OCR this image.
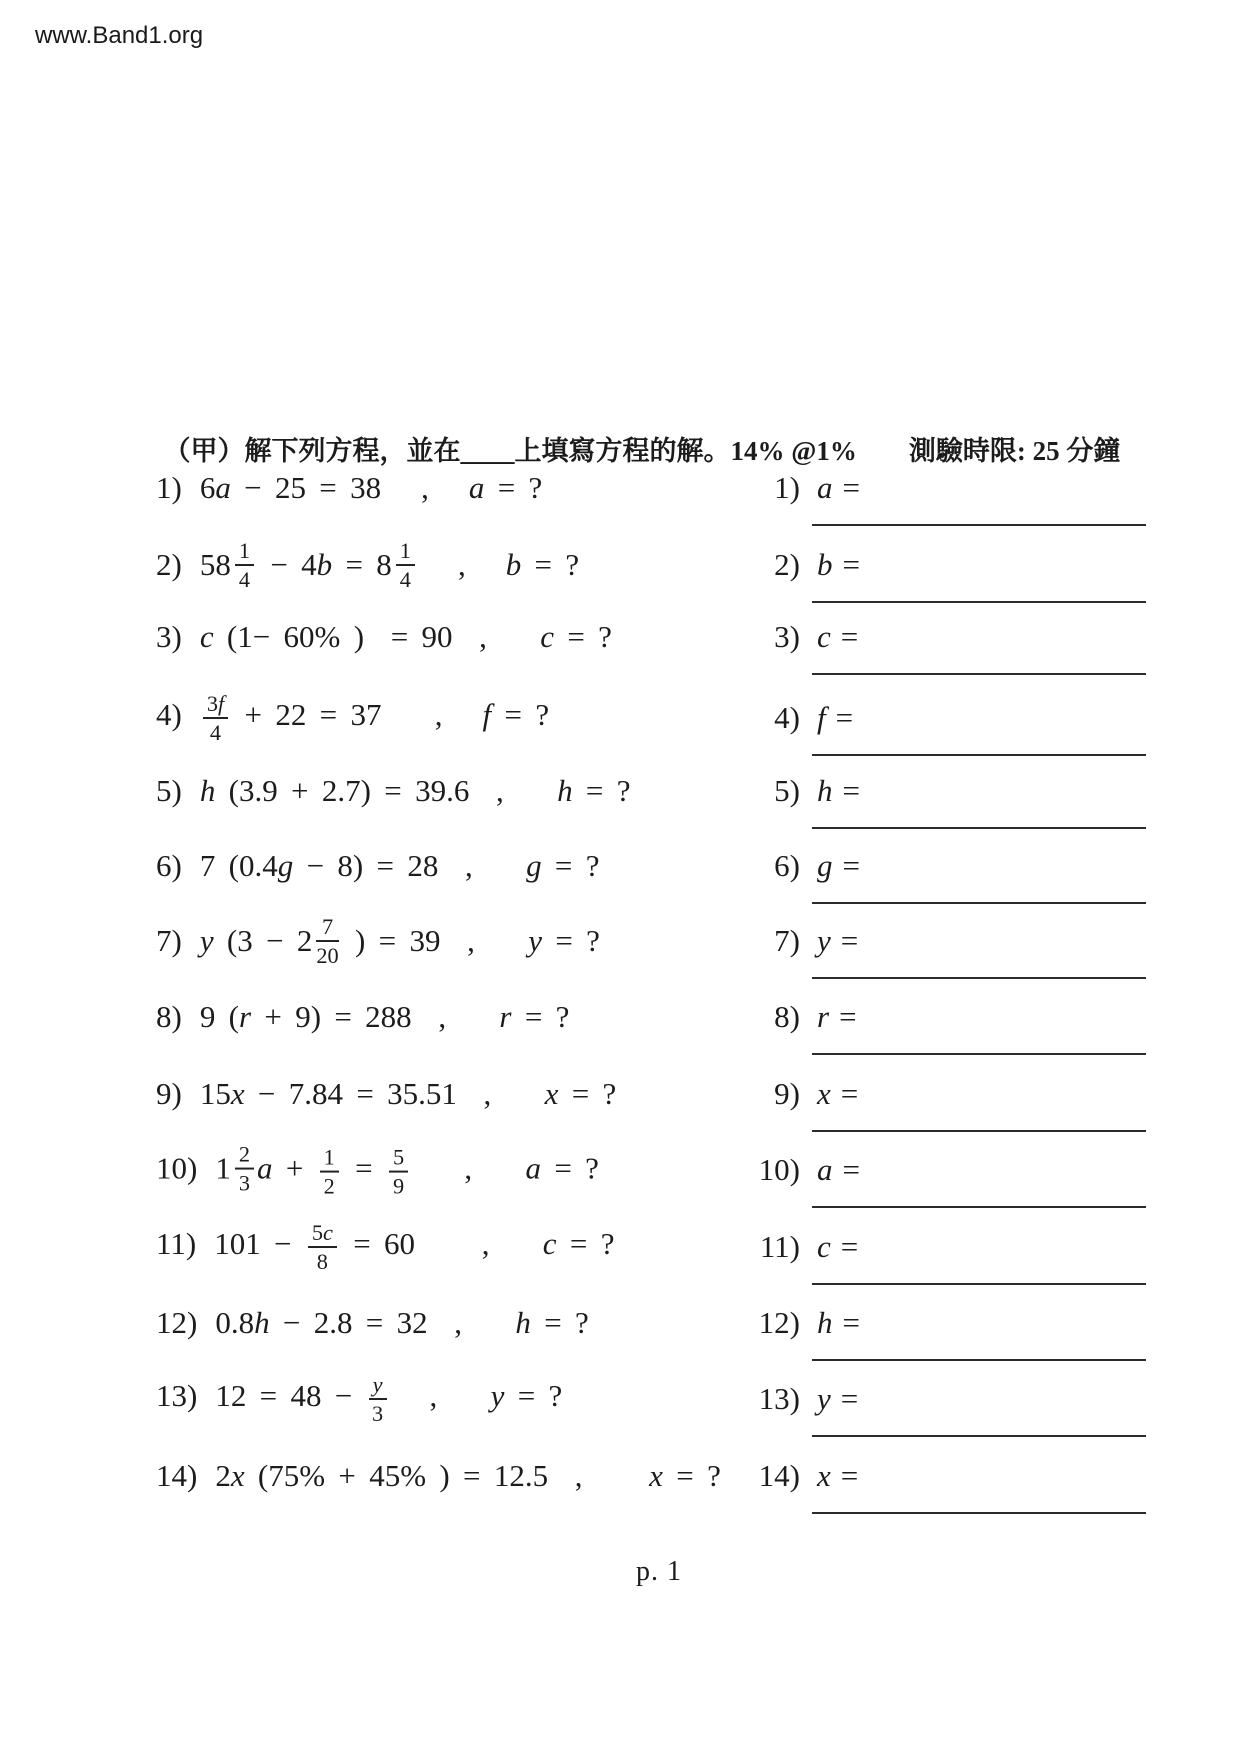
www.Band1.org

（甲）解下列方程，並在____上填寫方程的解。14% @1% 測驗時限: 25 分鐘

1) 6a − 25 = 38   ,   a = ?	1) a =
2) $58 \frac{1}{4} - 4b = 8 \frac{1}{4}$ ,   b = ?	2) b =
3) c (1− 60% )  = 90  ,    c = ?	3) c =
$4) \frac{3f}{4} + 22 = 37$    ,   f = ?	4) f =
5) h (3.9 + 2.7) = 39.6  ,    h = ?	5) h =
6) 7 (0.4g − 8) = 28  ,    g = ?	6) g =
7) y ($3 - 2 \frac{7}{20}$ ) = 39  ,    y = ?	7) y =
8) 9 (r + 9) = 288  ,    r = ?	8) r =
9) 15x − 7.84 = 35.51  ,    x = ?	9) x =
10) $1 \frac{2}{3}$ $a + \frac{1}{2} = \frac{5}{9}$ ,    a = ?	10) a =
11) $101 - \frac{5c}{8} = 60$     ,    c = ?	11) c =
12) 0.8h − 2.8 = 32  ,    h = ?	12) h =
13) $12 = 48 - \frac{y}{3}$ ,    y = ?	13) y =
14) 2x (75% + 45% ) = 12.5  ,     x = ?	14) x =
p. 1
